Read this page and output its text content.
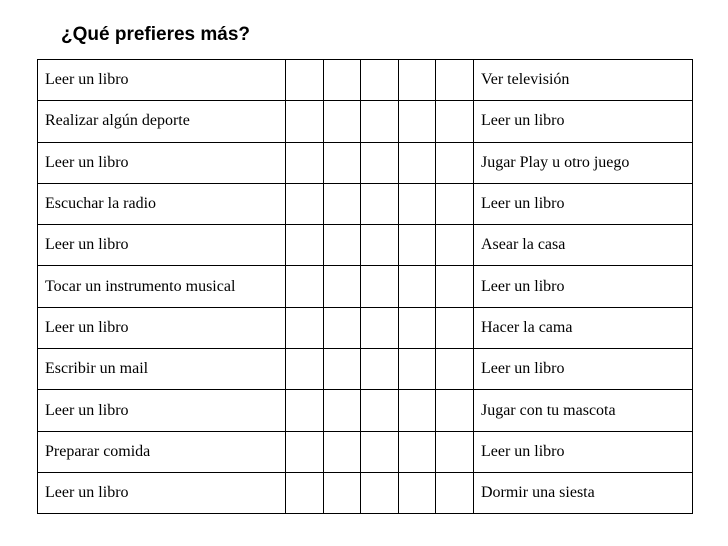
¿Qué prefieres más?
Leer un libro						Ver televisión
Realizar algún deporte						Leer un libro
Leer un libro						Jugar Play u otro juego
Escuchar la radio						Leer un libro
Leer un libro						Asear la casa
Tocar un instrumento musical						Leer un libro
Leer un libro						Hacer la cama
Escribir un mail						Leer un libro
Leer un libro						Jugar con tu mascota
Preparar comida						Leer un libro
Leer un libro						Dormir una siesta
